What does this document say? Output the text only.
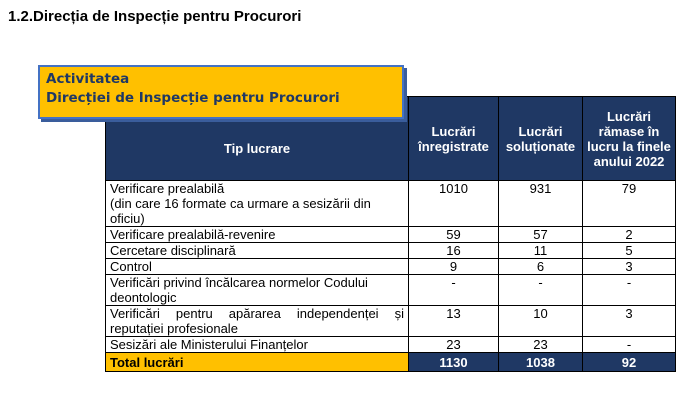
1.2.Direcția de Inspecție pentru Procurori
Tip lucrare	Lucrări înregistrate	Lucrări soluționate	Lucrări rămase în lucru la finele anului 2022
Verificare prealabilă
(din care 16 formate ca urmare a sesizării din oficiu)	1010	931	79
Verificare prealabilă-revenire	59	57	2
Cercetare disciplinară	16	11	5
Control	9	6	3
Verificări privind încălcarea normelor Codului deontologic	-	-	-
Verificări pentru apărarea independenței și reputației profesionale	13	10	3
Sesizări ale Ministerului Finanțelor	23	23	-
Total lucrări	1130	1038	92
Activitatea
Direcției de Inspecție pentru Procurori
